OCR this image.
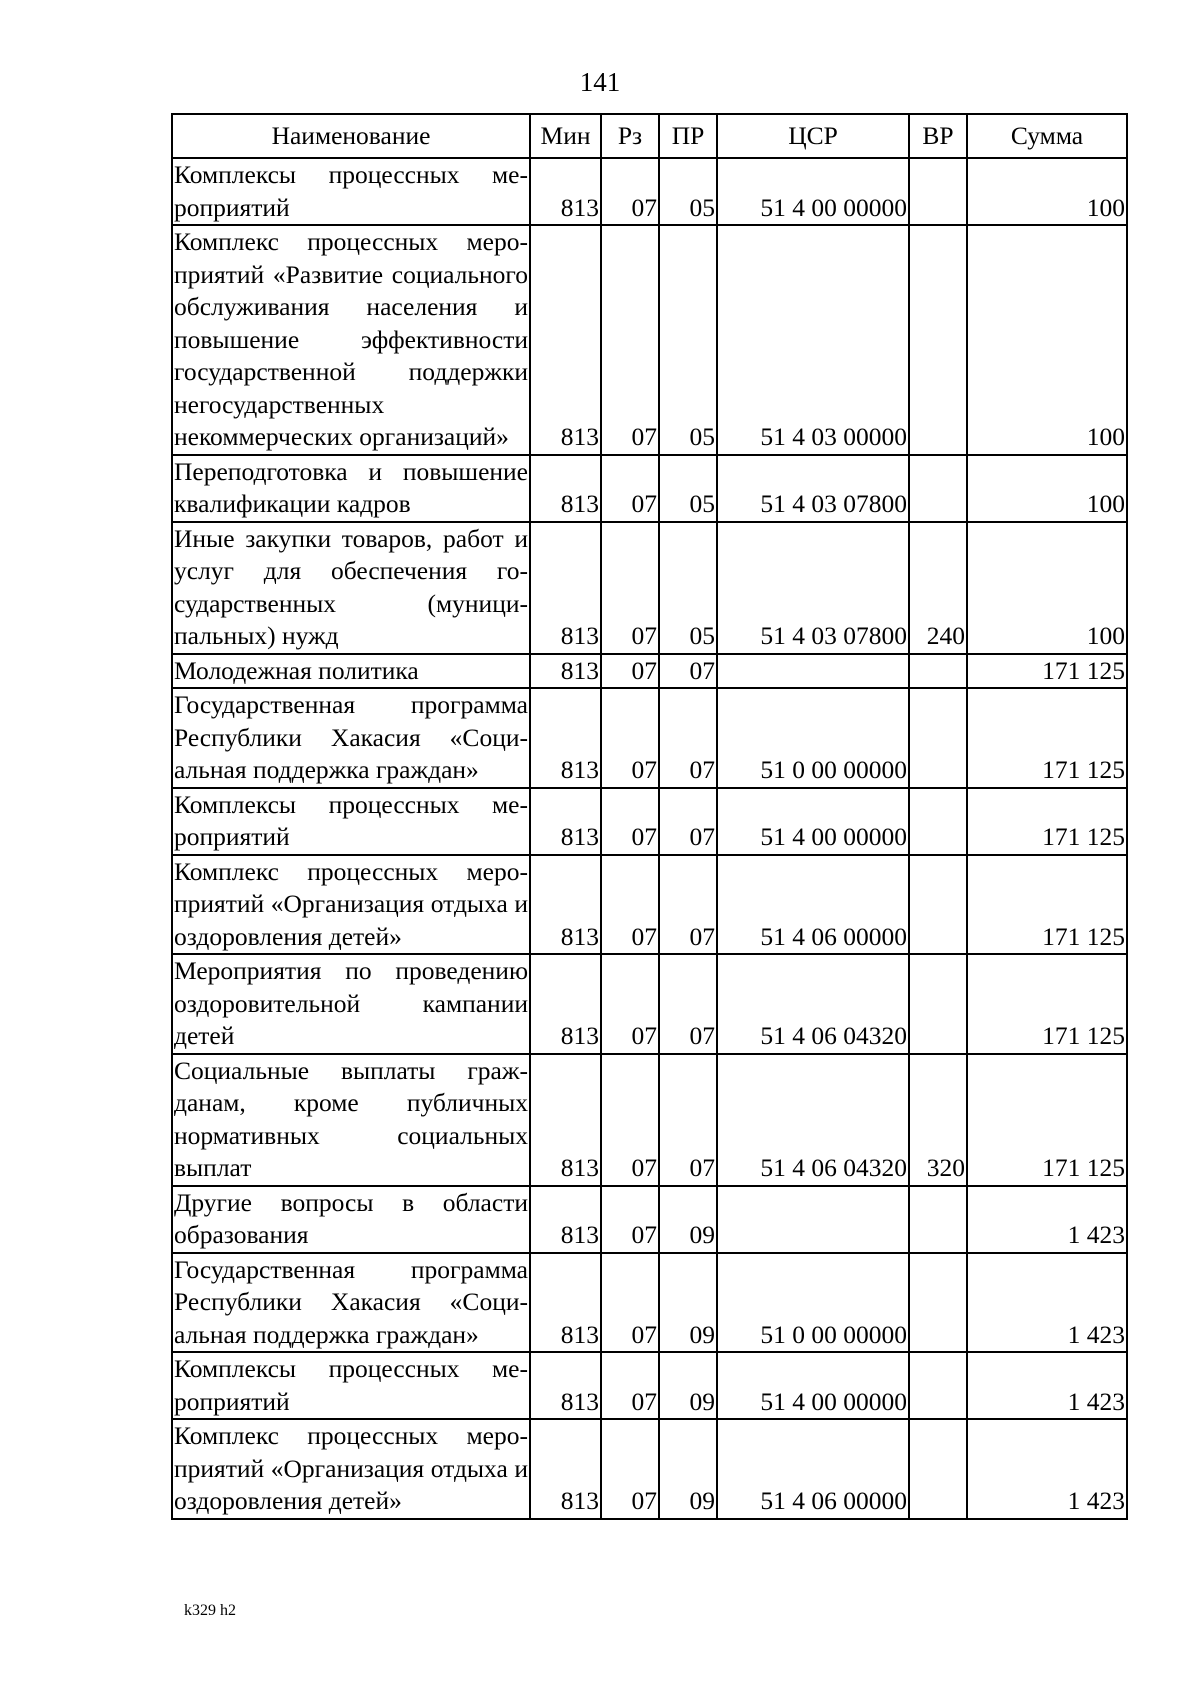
141
Наименование	Мин	Рз	ПР	ЦСР	ВР	Сумма
Комплексы процессных мероприятий	813	07	05	51 4 00 00000		100
Комплекс процессных мероприятий «Развитие социального обслуживания населения и повышение эффективности государственной поддержки негосударственных некоммерческих организаций»	813	07	05	51 4 03 00000		100
Переподготовка и повышение квалификации кадров	813	07	05	51 4 03 07800		100
Иные закупки товаров, работ и услуг для обеспечения государственных (муниципальных) нужд	813	07	05	51 4 03 07800	240	100
Молодежная политика	813	07	07			171 125
Государственная программа Республики Хакасия «Социальная поддержка граждан»	813	07	07	51 0 00 00000		171 125
Комплексы процессных мероприятий	813	07	07	51 4 00 00000		171 125
Комплекс процессных мероприятий «Организация отдыха и оздоровления детей»	813	07	07	51 4 06 00000		171 125
Мероприятия по проведению оздоровительной кампании детей	813	07	07	51 4 06 04320		171 125
Социальные выплаты гражданам, кроме публичных нормативных социальных выплат	813	07	07	51 4 06 04320	320	171 125
Другие вопросы в области образования	813	07	09			1 423
Государственная программа Республики Хакасия «Социальная поддержка граждан»	813	07	09	51 0 00 00000		1 423
Комплексы процессных мероприятий	813	07	09	51 4 00 00000		1 423
Комплекс процессных мероприятий «Организация отдыха и оздоровления детей»	813	07	09	51 4 06 00000		1 423
k329 h2
